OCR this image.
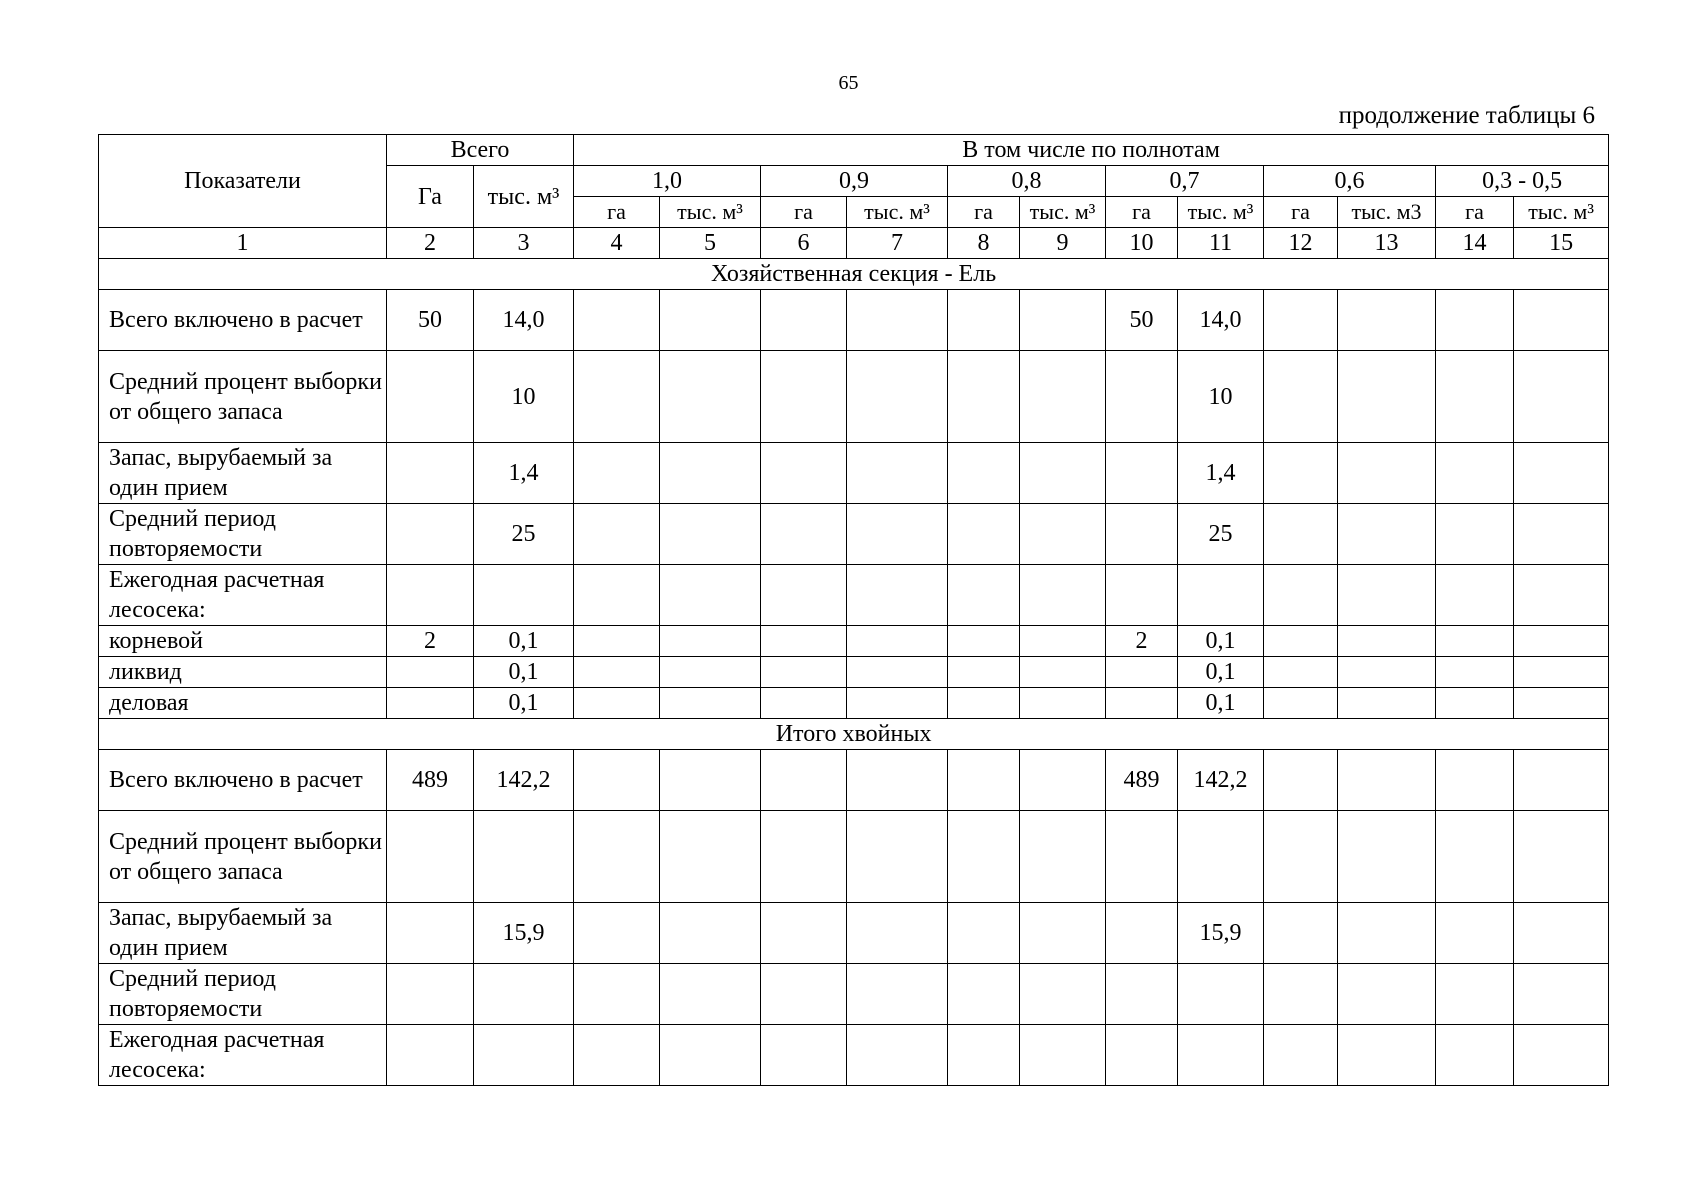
65
продолжение таблицы 6
Показатели	Всего		В том числе по полнотам											
	Га	тыс. м³	1,0		0,9		0,8		0,7		0,6		0,3 - 0,5	
			га	тыс. м³	га	тыс. м³	га	тыс. м³	га	тыс. м³	га	тыс. м3	га	тыс. м³
1	2	3	4	5	6	7	8	9	10	11	12	13	14	15
Хозяйственная секция - Ель														
Всего включено в расчет	50	14,0							50	14,0				
Средний процент выборки от общего запаса		10								10				
Запас, вырубаемый за один прием		1,4								1,4				
Средний период повторяемости		25								25				
Ежегодная расчетная лесосека:														
корневой	2	0,1							2	0,1				
ликвид		0,1								0,1				
деловая		0,1								0,1				
Итого хвойных														
Всего включено в расчет	489	142,2							489	142,2				
Средний процент выборки от общего запаса														
Запас, вырубаемый за один прием		15,9								15,9				
Средний период повторяемости														
Ежегодная расчетная лесосека:														
